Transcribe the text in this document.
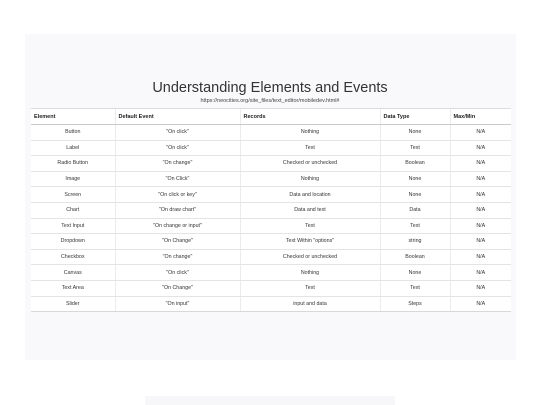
Understanding Elements and Events
https://neocities.org/site_files/text_editor/mobiledev.html#
Element	Default Event	Records	Data Type	Max/Min
Button	"On click"	Nothing	None	N/A
Label	"On click"	Text	Text	N/A
Radio Button	"On change"	Checked or unchecked	Boolean	N/A
Image	"On Click"	Nothing	None	N/A
Screen	"On click or key"	Data and location	None	N/A
Chart	"On draw chart"	Data and text	Data	N/A
Text Input	"On change or input"	Text	Text	N/A
Dropdown	"On Change"	Text Within "options"	string	N/A
Checkbox	"On change"	Checked or unchecked	Boolean	N/A
Canvas	"On click"	Nothing	None	N/A
Text Area	"On Change"	Text	Text	N/A
Slider	"On input"	input and data	Steps	N/A
